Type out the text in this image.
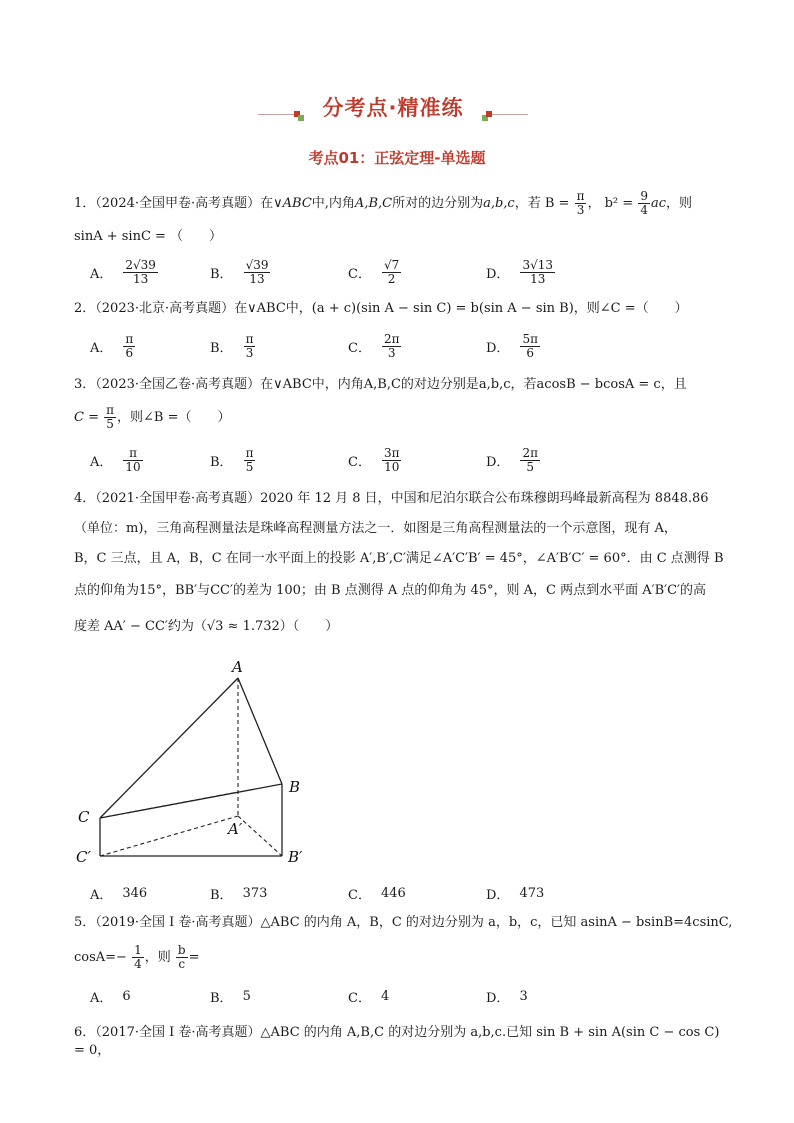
分考点·精准练
考点01：正弦定理-单选题
1．（2024·全国甲卷·高考真题）在∨ABC中,内角A,B,C所对的边分别为a,b,c，若 $B = \frac{\pi}{3}$ ， $b^2 = \frac{9}{4}$ ac，则
sinA + sinC = （　　）
A． $\frac{2√39}{13}$	B． $\frac{√39}{13}$	C． $\frac{√7}{2}$	D． $\frac{3√13}{13}$
2．（2023·北京·高考真题）在∨ABC中，(a + c)(sin A − sin C) = b(sin A − sin B)，则∠C =（　　）
A． $\frac{\pi}{6}$	B． $\frac{\pi}{3}$	C． $\frac{2\pi}{3}$	D． $\frac{5\pi}{6}$
3．（2023·全国乙卷·高考真题）在∨ABC中，内角A,B,C的对边分别是a,b,c，若acosB − bcosA = c，且
$C = \frac{\pi}{5}$ ，则∠B =（　　）
A． $\frac{\pi}{10}$	B． $\frac{\pi}{5}$	C． $\frac{3\pi}{10}$	D． $\frac{2\pi}{5}$
4．（2021·全国甲卷·高考真题）2020 年 12 月 8 日，中国和尼泊尔联合公布珠穆朗玛峰最新高程为 8848.86
（单位：m)，三角高程测量法是珠峰高程测量方法之一．如图是三角高程测量法的一个示意图，现有 A，
B，C 三点，且 A，B，C 在同一水平面上的投影 A′,B′,C′满足∠A′C′B′ = 45°，∠A′B′C′ = 60°．由 C 点测得 B
点的仰角为15°，BB′与CC′的差为 100；由 B 点测得 A 点的仰角为 45°，则 A，C 两点到水平面 A′B′C′的高
度差 AA′ − CC′约为（√3 ≈ 1.732）（　　）
A
B
C
A′
B′
C′
A． 346	B． 373	C． 446	D． 473
5．（2019·全国 I 卷·高考真题）△ABC 的内角 A，B，C 的对边分别为 a，b，c，已知 asinA − bsinB=4csinC,
$\cos A=- \frac{1}{4}$ ，则 $\frac{b}{c}$ =
A． 6	B． 5	C． 4	D． 3
6．（2017·全国 I 卷·高考真题）△ABC 的内角 A,B,C 的对边分别为 a,b,c.已知 sin B + sin A(sin C − cos C) = 0，
